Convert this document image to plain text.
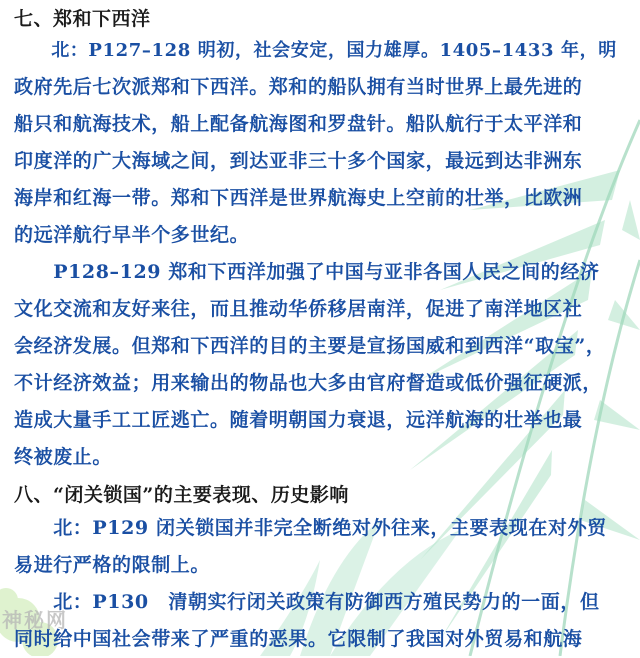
七、郑和下西洋
　　北：P127–128 明初，社会安定，国力雄厚。1405–1433 年，明
政府先后七次派郑和下西洋。郑和的船队拥有当时世界上最先进的
船只和航海技术，船上配备航海图和罗盘针。船队航行于太平洋和
印度洋的广大海域之间，到达亚非三十多个国家，最远到达非洲东
海岸和红海一带。郑和下西洋是世界航海史上空前的壮举，比欧洲
的远洋航行早半个多世纪。
　　P128–129 郑和下西洋加强了中国与亚非各国人民之间的经济
文化交流和友好来往，而且推动华侨移居南洋，促进了南洋地区社
会经济发展。但郑和下西洋的目的主要是宣扬国威和到西洋“取宝”，
不计经济效益；用来输出的物品也大多由官府督造或低价强征硬派，
造成大量手工工匠逃亡。随着明朝国力衰退，远洋航海的壮举也最
终被废止。
八、“闭关锁国”的主要表现、历史影响
　　北：P129 闭关锁国并非完全断绝对外往来，主要表现在对外贸
易进行严格的限制上。
　　北：P130　清朝实行闭关政策有防御西方殖民势力的一面，但
同时给中国社会带来了严重的恶果。它限制了我国对外贸易和航海
神秘网
